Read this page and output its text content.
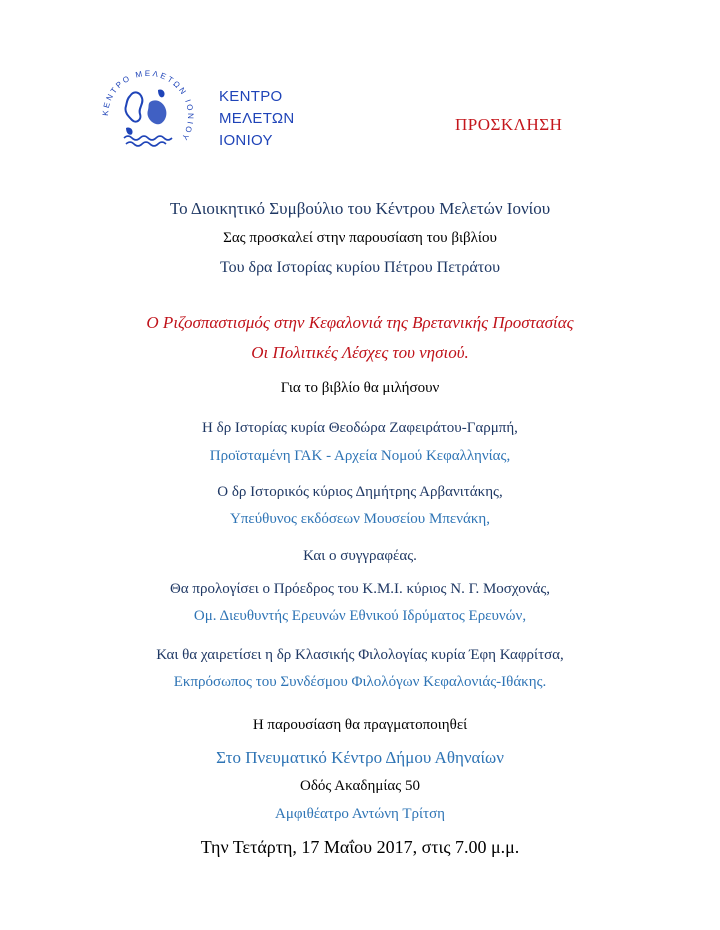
ΚΕΝΤΡΟ ΜΕΛΕΤΩΝ ΙΟΝΙΟΥ
ΚΕΝΤΡΟ
ΜΕΛΕΤΩΝ
ΙΟΝΙΟΥ
ΠΡΟΣΚΛΗΣΗ
Το Διοικητικό Συμβούλιο του Κέντρου Μελετών Ιονίου
Σας προσκαλεί στην παρουσίαση του βιβλίου
Του δρα Ιστορίας κυρίου Πέτρου Πετράτου
Ο Ριζοσπαστισμός στην Κεφαλονιά της Βρετανικής Προστασίας
Οι Πολιτικές Λέσχες του νησιού.
Για το βιβλίο θα μιλήσουν
Η δρ Ιστορίας κυρία Θεοδώρα Ζαφειράτου-Γαρμπή,
Προϊσταμένη ΓΑΚ - Αρχεία Νομού Κεφαλληνίας,
Ο δρ Ιστορικός κύριος Δημήτρης Αρβανιτάκης,
Υπεύθυνος εκδόσεων Μουσείου Μπενάκη,
Και ο συγγραφέας.
Θα προλογίσει ο Πρόεδρος του Κ.Μ.Ι. κύριος Ν. Γ. Μοσχονάς,
Ομ. Διευθυντής Ερευνών Εθνικού Ιδρύματος Ερευνών,
Και θα χαιρετίσει η δρ Κλασικής Φιλολογίας κυρία Έφη Καφρίτσα,
Εκπρόσωπος του Συνδέσμου Φιλολόγων Κεφαλονιάς-Ιθάκης.
Η παρουσίαση θα πραγματοποιηθεί
Στο Πνευματικό Κέντρο Δήμου Αθηναίων
Οδός Ακαδημίας 50
Αμφιθέατρο Αντώνη Τρίτση
Την Τετάρτη, 17 Μαΐου 2017, στις 7.00 μ.μ.
